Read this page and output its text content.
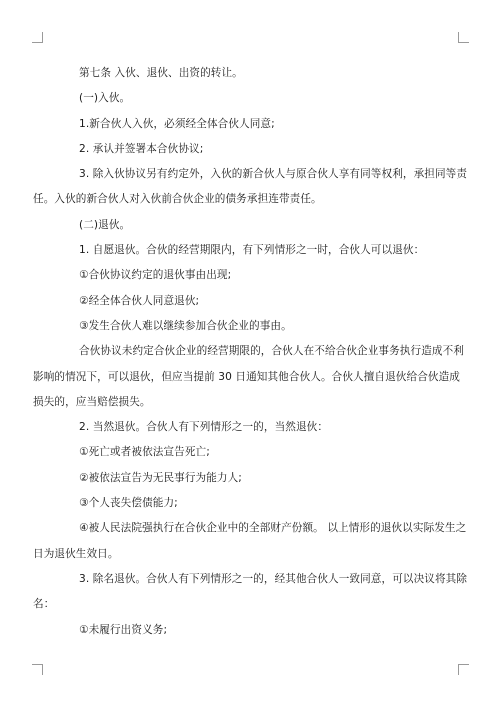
第七条 入伙、退伙、出资的转让。

(一)入伙。

1.新合伙人入伙，必须经全体合伙人同意;

2. 承认并签署本合伙协议;

3. 除入伙协议另有约定外，入伙的新合伙人与原合伙人享有同等权利，承担同等责任。入伙的新合伙人对入伙前合伙企业的债务承担连带责任。

(二)退伙。

1. 自愿退伙。合伙的经营期限内，有下列情形之一时，合伙人可以退伙：

①合伙协议约定的退伙事由出现;

②经全体合伙人同意退伙;

③发生合伙人难以继续参加合伙企业的事由。

合伙协议未约定合伙企业的经营期限的，合伙人在不给合伙企业事务执行造成不利影响的情况下，可以退伙，但应当提前 30 日通知其他合伙人。合伙人擅自退伙给合伙造成损失的，应当赔偿损失。

2. 当然退伙。合伙人有下列情形之一的，当然退伙：

①死亡或者被依法宣告死亡;

②被依法宣告为无民事行为能力人;

③个人丧失偿债能力;

④被人民法院强执行在合伙企业中的全部财产份额。 以上情形的退伙以实际发生之日为退伙生效日。

3. 除名退伙。合伙人有下列情形之一的，经其他合伙人一致同意，可以决议将其除名：

①未履行出资义务;
